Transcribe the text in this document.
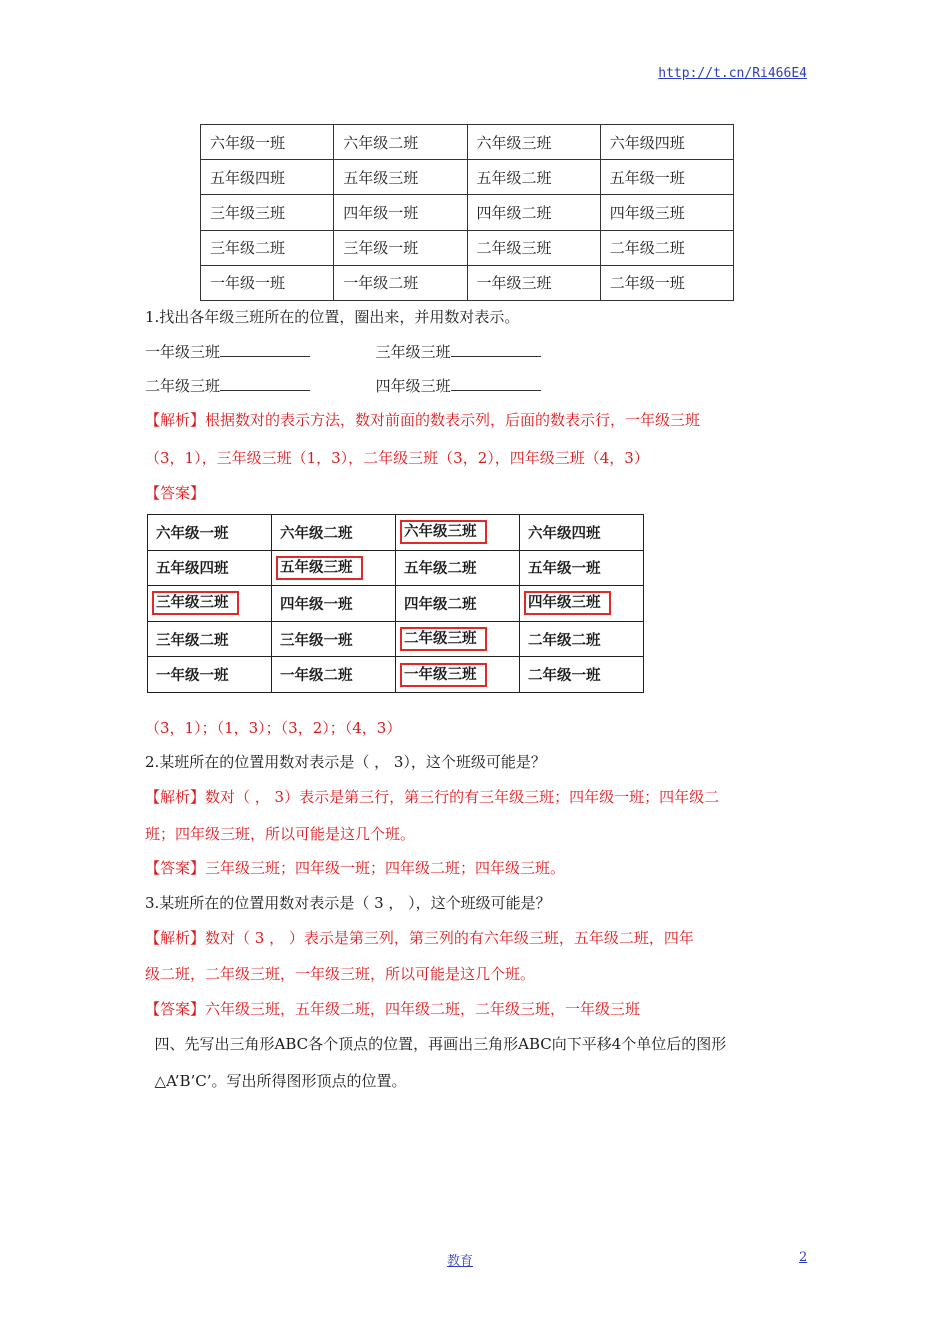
http://t.cn/Ri466E4
六年级一班	六年级二班	六年级三班	六年级四班
五年级四班	五年级三班	五年级二班	五年级一班
三年级三班	四年级一班	四年级二班	四年级三班
三年级二班	三年级一班	二年级三班	二年级二班
一年级一班	一年级二班	一年级三班	二年级一班
1.找出各年级三班所在的位置，圈出来，并用数对表示。
一年级三班	三年级三班
二年级三班	四年级三班
【解析】根据数对的表示方法，数对前面的数表示列，后面的数表示行，一年级三班
（3，1），三年级三班（1，3），二年级三班（3，2），四年级三班（4，3）
【答案】
六年级一班	六年级二班	六年级三班	六年级四班
五年级四班	五年级三班	五年级二班	五年级一班
三年级三班	四年级一班	四年级二班	四年级三班
三年级二班	三年级一班	二年级三班	二年级二班
一年级一班	一年级二班	一年级三班	二年级一班
（3，1）；（1，3）；（3，2）；（4，3）
2.某班所在的位置用数对表示是（ ， 3），这个班级可能是？
【解析】数对（ ， 3）表示是第三行，第三行的有三年级三班；四年级一班；四年级二
班；四年级三班，所以可能是这几个班。
【答案】三年级三班；四年级一班；四年级二班；四年级三班。
3.某班所在的位置用数对表示是（ 3 ， ），这个班级可能是？
【解析】数对（ 3 ， ）表示是第三列，第三列的有六年级三班，五年级二班，四年
级二班，二年级三班，一年级三班，所以可能是这几个班。
【答案】六年级三班，五年级二班，四年级二班，二年级三班，一年级三班
四、先写出三角形ABC各个顶点的位置，再画出三角形ABC向下平移4个单位后的图形
△A’B’C’。写出所得图形顶点的位置。
教育	2
